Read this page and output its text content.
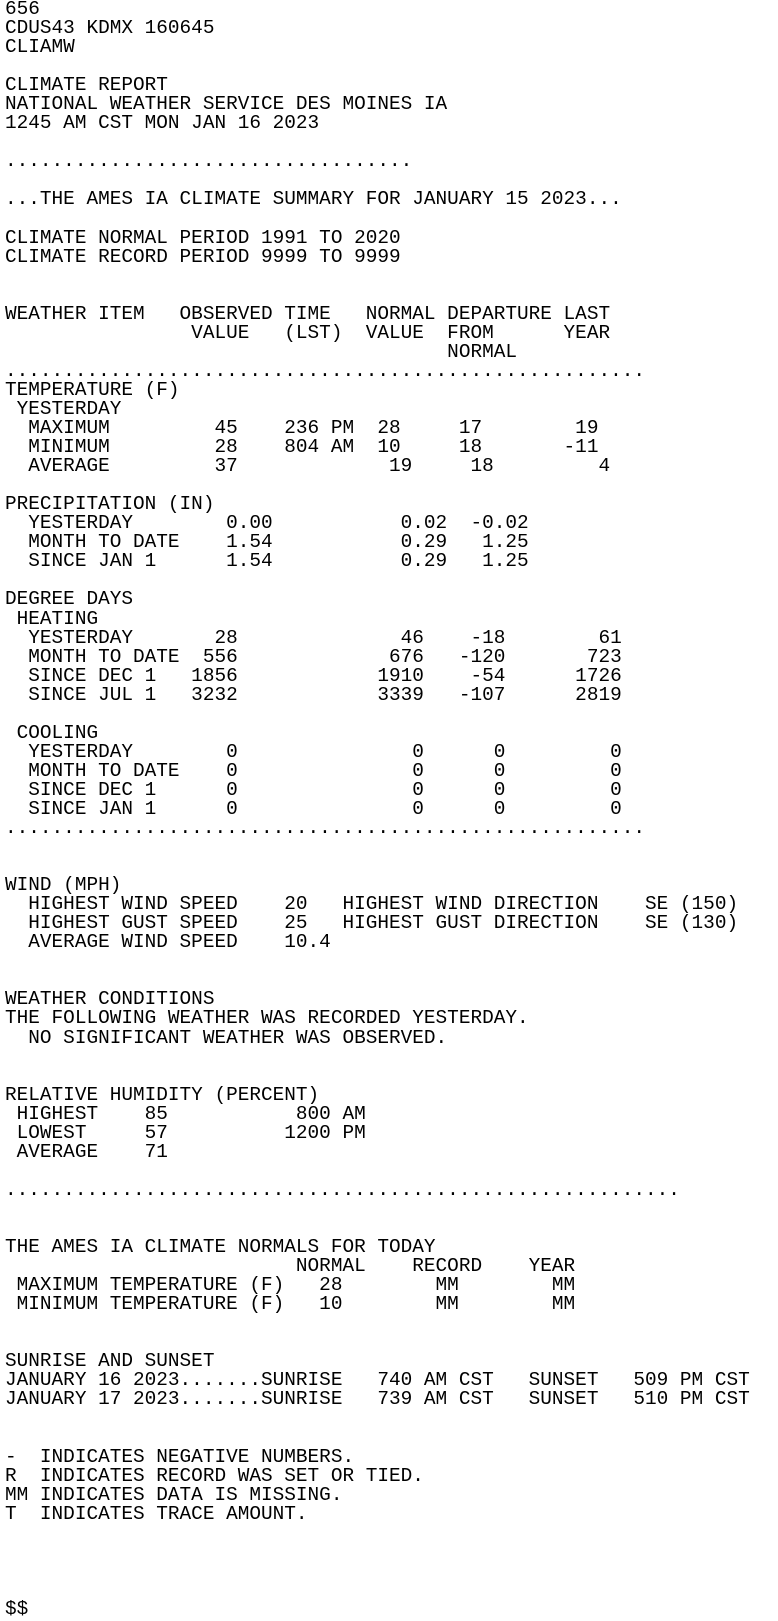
656
CDUS43 KDMX 160645
CLIAMW
CLIMATE REPORT
NATIONAL WEATHER SERVICE DES MOINES IA
1245 AM CST MON JAN 16 2023
...................................
...THE AMES IA CLIMATE SUMMARY FOR JANUARY 15 2023...
CLIMATE NORMAL PERIOD 1991 TO 2020
CLIMATE RECORD PERIOD 9999 TO 9999
WEATHER ITEM   OBSERVED TIME   NORMAL DEPARTURE LAST
VALUE   (LST)  VALUE  FROM      YEAR
NORMAL
.......................................................
TEMPERATURE (F)
YESTERDAY
MAXIMUM         45    236 PM  28     17        19
MINIMUM         28    804 AM  10     18       -11
AVERAGE         37             19     18         4
PRECIPITATION (IN)
YESTERDAY        0.00           0.02  -0.02
MONTH TO DATE    1.54           0.29   1.25
SINCE JAN 1      1.54           0.29   1.25
DEGREE DAYS
HEATING
YESTERDAY       28              46    -18        61
MONTH TO DATE  556             676   -120       723
SINCE DEC 1   1856            1910    -54      1726
SINCE JUL 1   3232            3339   -107      2819
COOLING
YESTERDAY        0               0      0         0
MONTH TO DATE    0               0      0         0
SINCE DEC 1      0               0      0         0
SINCE JAN 1      0               0      0         0
.......................................................
WIND (MPH)
HIGHEST WIND SPEED    20   HIGHEST WIND DIRECTION    SE (150)
HIGHEST GUST SPEED    25   HIGHEST GUST DIRECTION    SE (130)
AVERAGE WIND SPEED    10.4
WEATHER CONDITIONS
THE FOLLOWING WEATHER WAS RECORDED YESTERDAY.
NO SIGNIFICANT WEATHER WAS OBSERVED.
RELATIVE HUMIDITY (PERCENT)
HIGHEST    85           800 AM
LOWEST     57          1200 PM
AVERAGE    71
..........................................................
THE AMES IA CLIMATE NORMALS FOR TODAY
NORMAL    RECORD    YEAR
MAXIMUM TEMPERATURE (F)   28        MM        MM
MINIMUM TEMPERATURE (F)   10        MM        MM
SUNRISE AND SUNSET
JANUARY 16 2023.......SUNRISE   740 AM CST   SUNSET   509 PM CST
JANUARY 17 2023.......SUNRISE   739 AM CST   SUNSET   510 PM CST
-  INDICATES NEGATIVE NUMBERS.
R  INDICATES RECORD WAS SET OR TIED.
MM INDICATES DATA IS MISSING.
T  INDICATES TRACE AMOUNT.
$$
